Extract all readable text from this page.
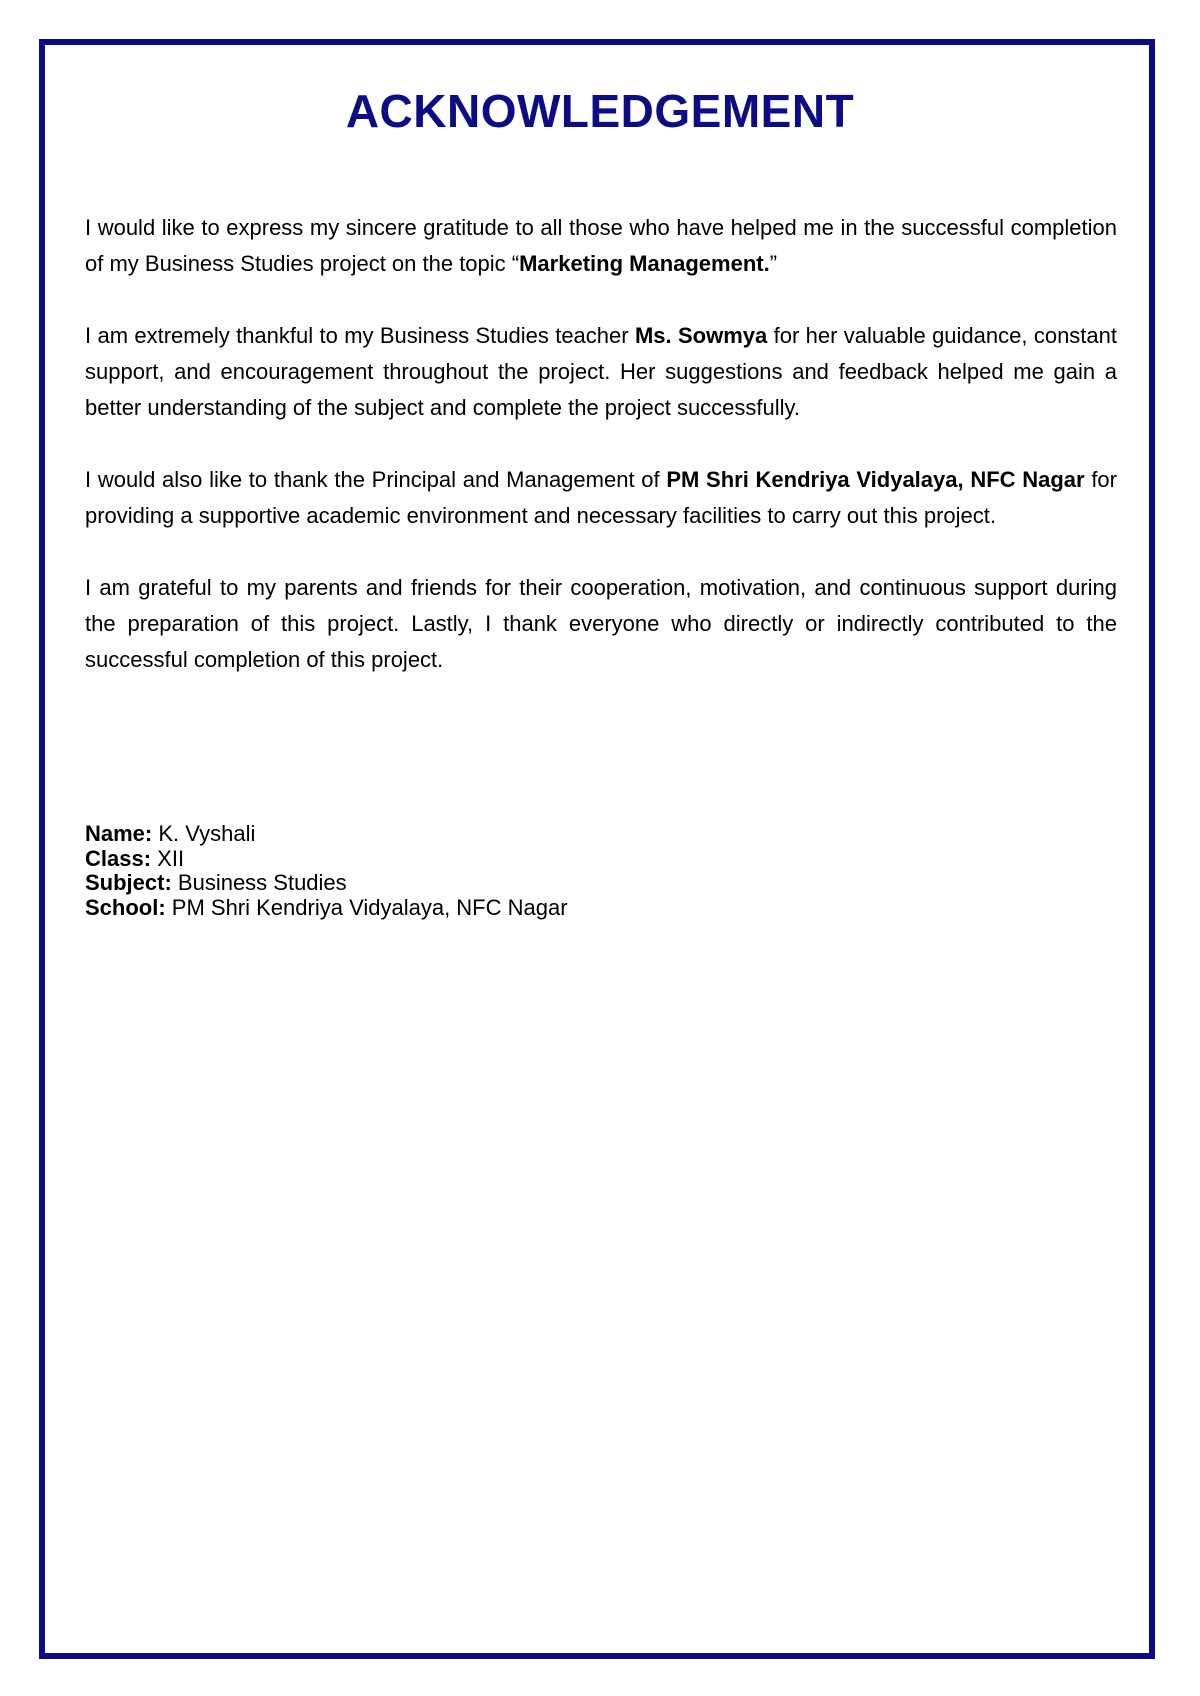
ACKNOWLEDGEMENT

I would like to express my sincere gratitude to all those who have helped me in the successful completion of my Business Studies project on the topic “Marketing Management.”

I am extremely thankful to my Business Studies teacher Ms. Sowmya for her valuable guidance, constant support, and encouragement throughout the project. Her suggestions and feedback helped me gain a better understanding of the subject and complete the project successfully.

I would also like to thank the Principal and Management of PM Shri Kendriya Vidyalaya, NFC Nagar for providing a supportive academic environment and necessary facilities to carry out this project.

I am grateful to my parents and friends for their cooperation, motivation, and continuous support during the preparation of this project. Lastly, I thank everyone who directly or indirectly contributed to the successful completion of this project.

Name: K. Vyshali
Class: XII
Subject: Business Studies
School: PM Shri Kendriya Vidyalaya, NFC Nagar
